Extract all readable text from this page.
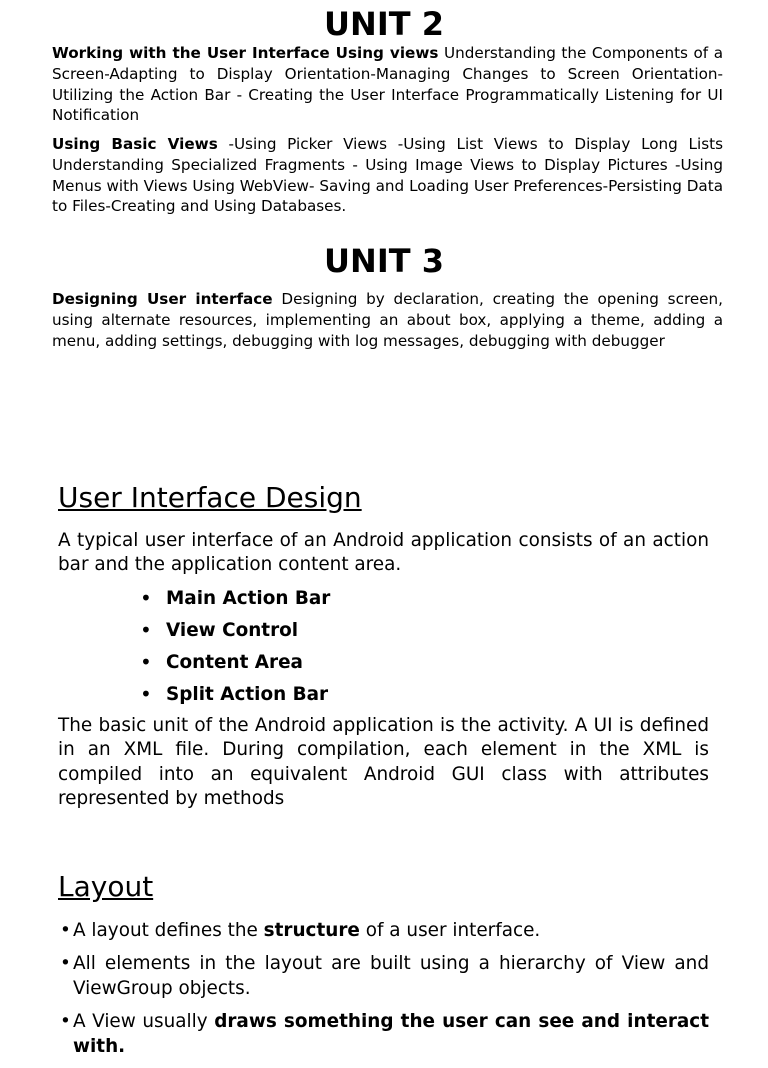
UNIT 2

Working with the User Interface Using views Understanding the Components of a Screen-Adapting to Display Orientation-Managing Changes to Screen Orientation-Utilizing the Action Bar - Creating the User Interface Programmatically Listening for UI Notification

Using Basic Views -Using Picker Views -Using List Views to Display Long Lists Understanding Specialized Fragments - Using Image Views to Display Pictures -Using Menus with Views Using WebView- Saving and Loading User Preferences-Persisting Data to Files-Creating and Using Databases.

UNIT 3

Designing User interface Designing by declaration, creating the opening screen, using alternate resources, implementing an about box, applying a theme, adding a menu, adding settings, debugging with log messages, debugging with debugger

User Interface Design

A typical user interface of an Android application consists of an action bar and the application content area.

• Main Action Bar
• View Control
• Content Area
• Split Action Bar

The basic unit of the Android application is the activity. A UI is defined in an XML file. During compilation, each element in the XML is compiled into an equivalent Android GUI class with attributes represented by methods

Layout
• A layout defines the structure of a user interface.
• All elements in the layout are built using a hierarchy of View and ViewGroup objects.
• A View usually draws something the user can see and interact with.
